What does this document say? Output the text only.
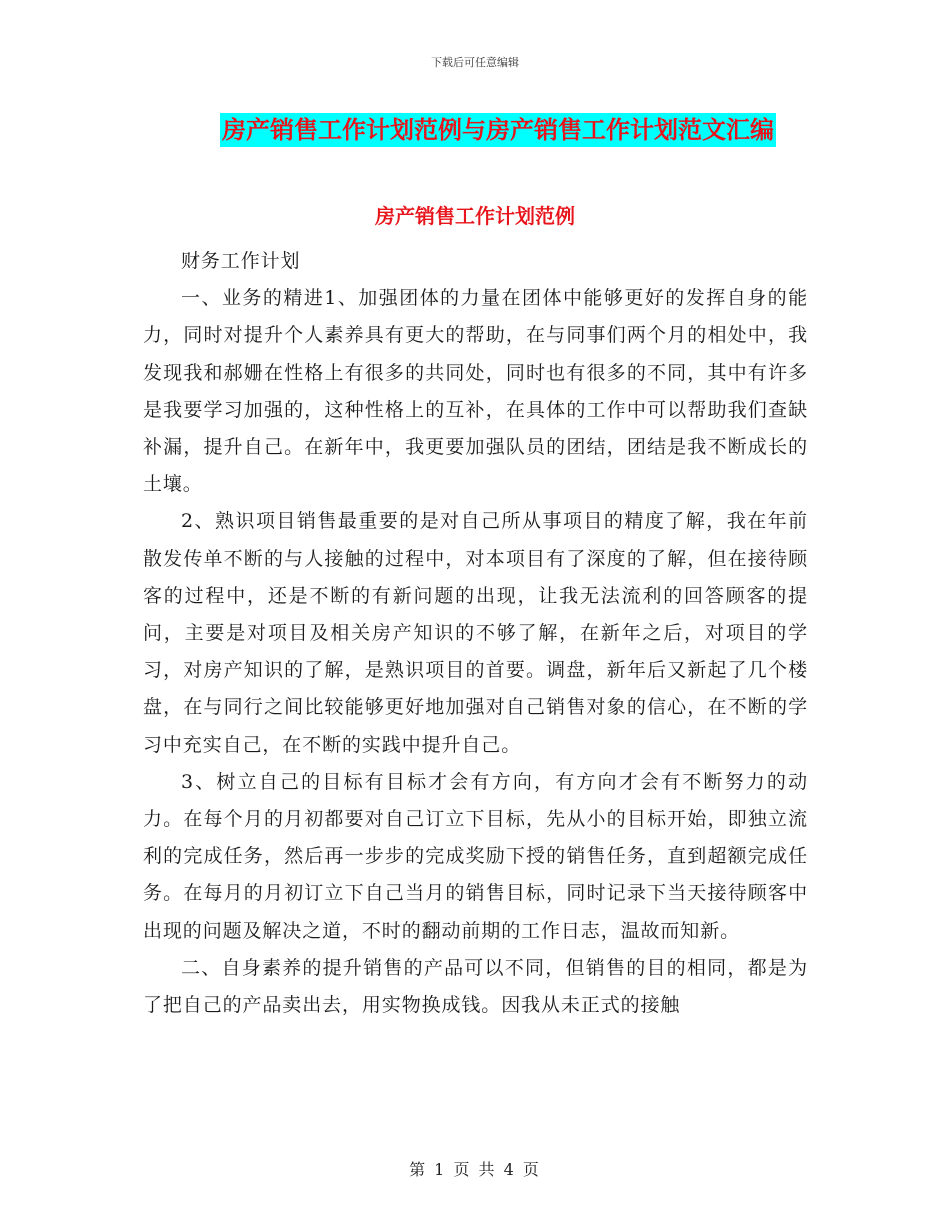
下载后可任意编辑
房产销售工作计划范例与房产销售工作计划范文汇编
房产销售工作计划范例

财务工作计划

一、业务的精进1、加强团体的力量在团体中能够更好的发挥自身的能力，同时对提升个人素养具有更大的帮助，在与同事们两个月的相处中，我发现我和郝姗在性格上有很多的共同处，同时也有很多的不同，其中有许多是我要学习加强的，这种性格上的互补，在具体的工作中可以帮助我们查缺补漏，提升自己。在新年中，我更要加强队员的团结，团结是我不断成长的土壤。

2、熟识项目销售最重要的是对自己所从事项目的精度了解，我在年前散发传单不断的与人接触的过程中，对本项目有了深度的了解，但在接待顾客的过程中，还是不断的有新问题的出现，让我无法流利的回答顾客的提问，主要是对项目及相关房产知识的不够了解，在新年之后，对项目的学习，对房产知识的了解，是熟识项目的首要。调盘，新年后又新起了几个楼盘，在与同行之间比较能够更好地加强对自己销售对象的信心，在不断的学习中充实自己，在不断的实践中提升自己。

3、树立自己的目标有目标才会有方向，有方向才会有不断努力的动力。在每个月的月初都要对自己订立下目标，先从小的目标开始，即独立流利的完成任务，然后再一步步的完成奖励下授的销售任务，直到超额完成任务。在每月的月初订立下自己当月的销售目标，同时记录下当天接待顾客中出现的问题及解决之道，不时的翻动前期的工作日志，温故而知新。

二、自身素养的提升销售的产品可以不同，但销售的目的相同，都是为了把自己的产品卖出去，用实物换成钱。因我从未正式的接触

第 1 页 共 4 页
